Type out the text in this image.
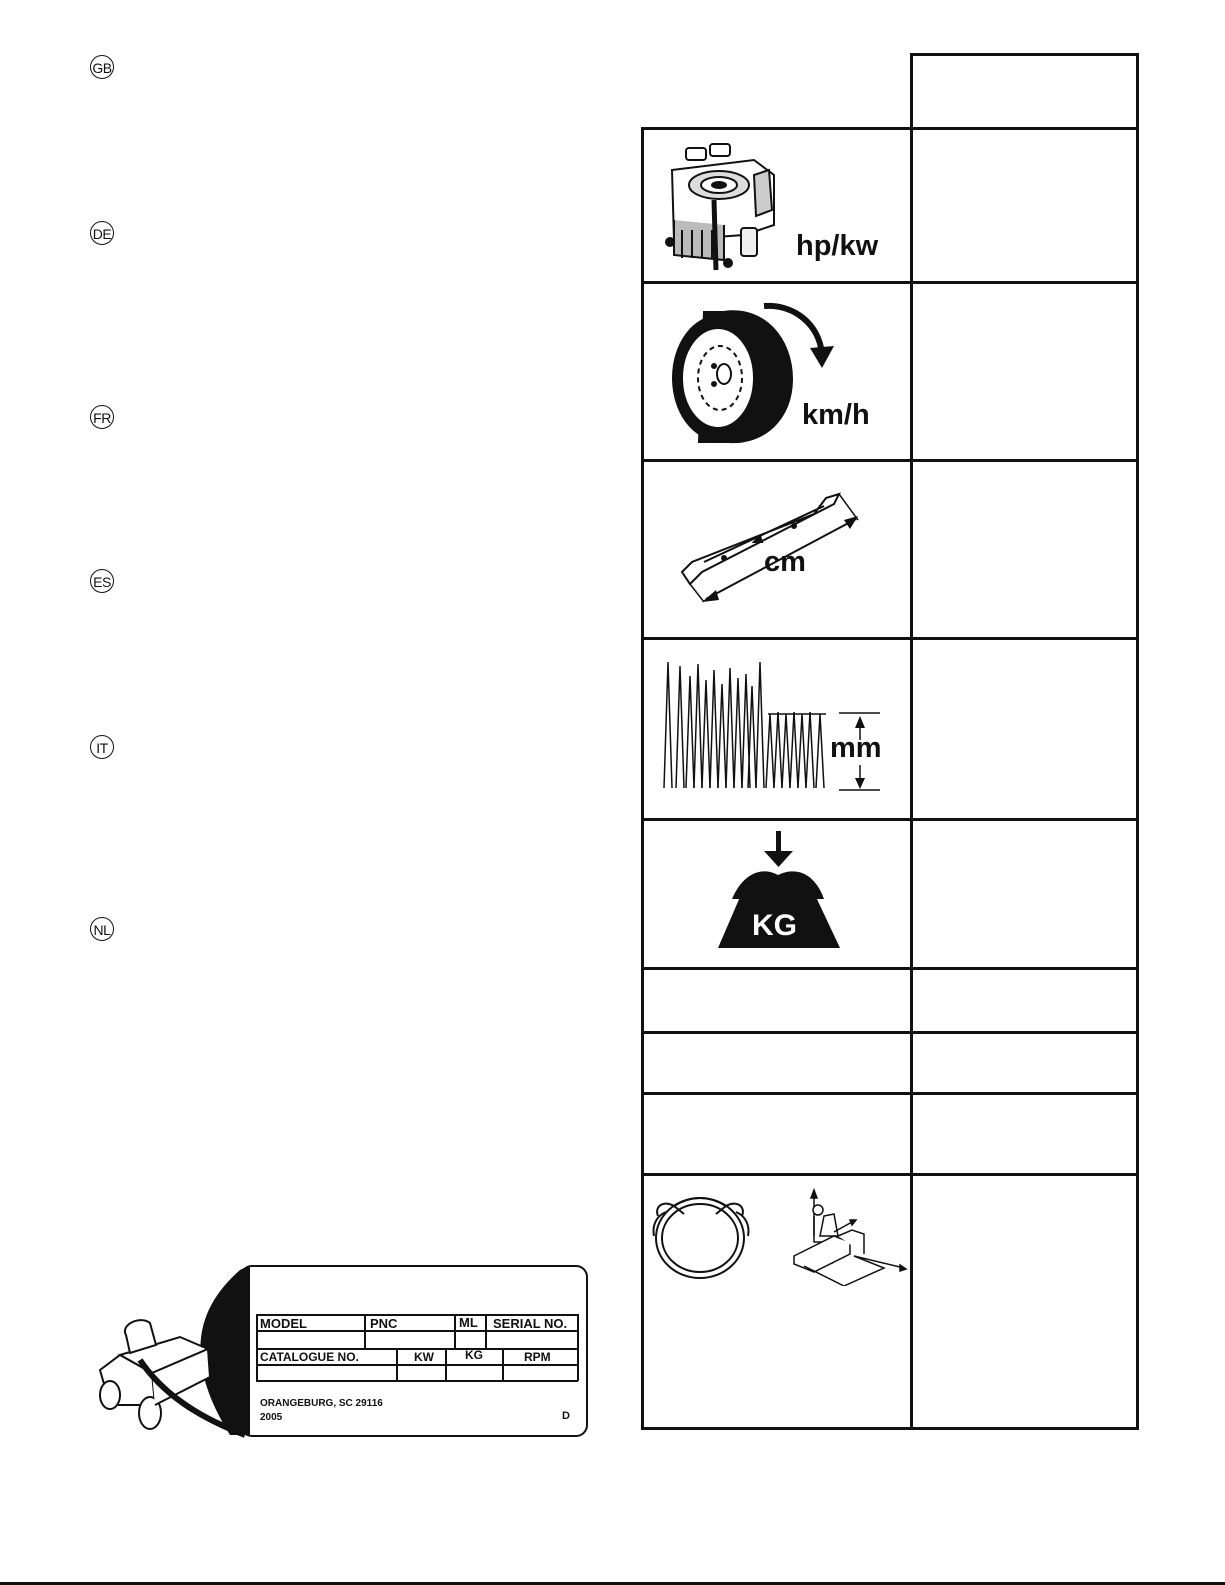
GB
DE
FR
ES
IT
NL
hp/kw
km/h
cm
mm
KG
MODEL	PNC	ML SERIAL NO.
CATALOGUE NO.	KW	KG	RPM
ORANGEBURG, SC 29116
2005	D
